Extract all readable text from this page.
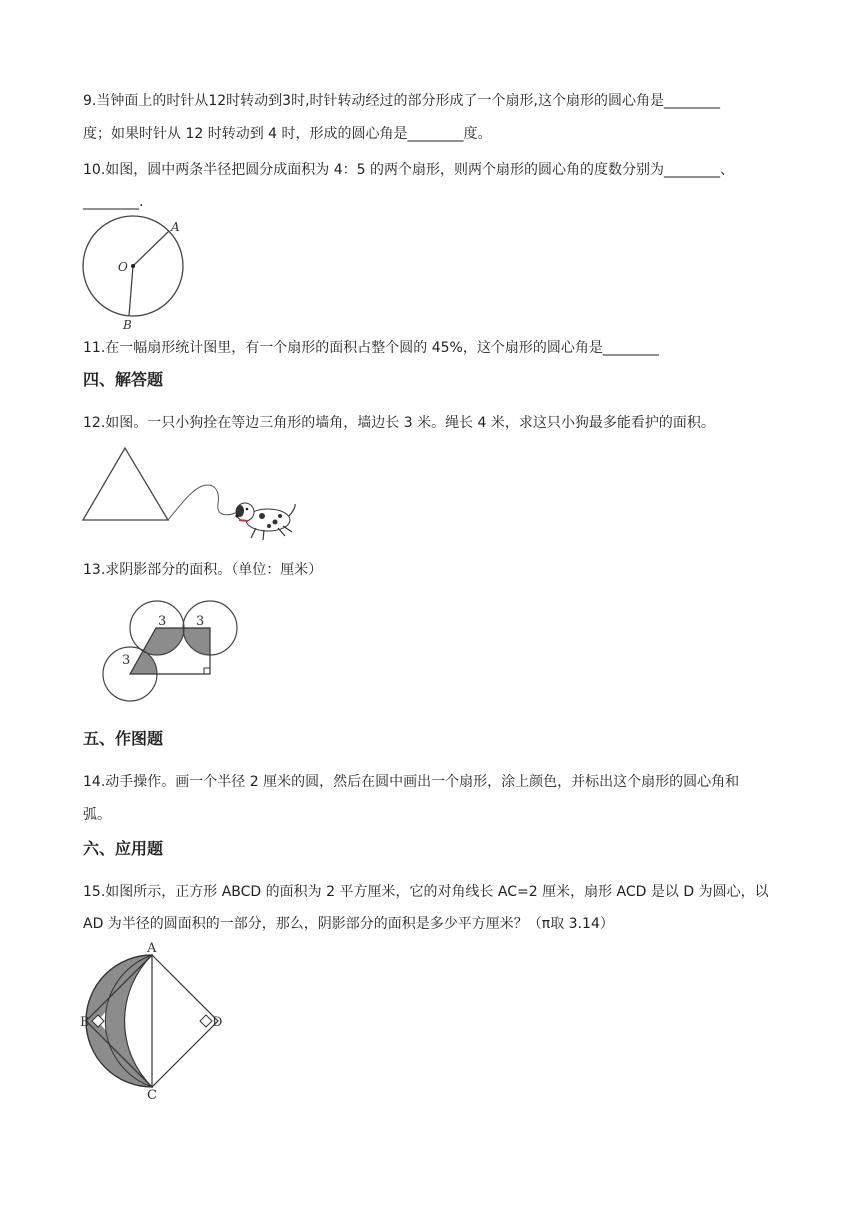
9.当钟面上的时针从12时转动到3时,时针转动经过的部分形成了一个扇形,这个扇形的圆心角是________
度；如果时针从 12 时转动到 4 时，形成的圆心角是________度。
10.如图，圆中两条半径把圆分成面积为 4：5 的两个扇形，则两个扇形的圆心角的度数分别为________、
________.
A
O
B
11.在一幅扇形统计图里，有一个扇形的面积占整个圆的 45%，这个扇形的圆心角是________
四、解答题
12.如图。一只小狗拴在等边三角形的墙角，墙边长 3 米。绳长 4 米，求这只小狗最多能看护的面积。
13.求阴影部分的面积。（单位：厘米）
3 3
3
五、作图题
14.动手操作。画一个半径 2 厘米的圆，然后在圆中画出一个扇形，涂上颜色，并标出这个扇形的圆心角和
弧。
六、应用题
15.如图所示，正方形 ABCD 的面积为 2 平方厘米，它的对角线长 AC=2 厘米，扇形 ACD 是以 D 为圆心，以
AD 为半径的圆面积的一部分，那么，阴影部分的面积是多少平方厘米？（π取 3.14）
A
B
C
D
